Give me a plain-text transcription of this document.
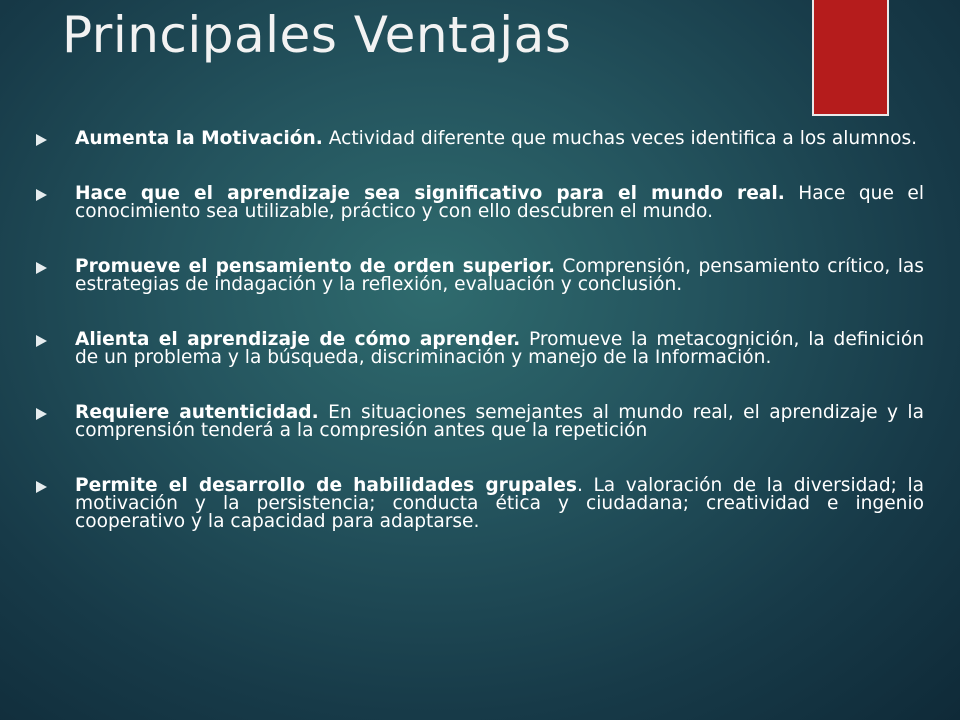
Principales Ventajas
Aumenta la Motivación. Actividad diferente que muchas veces identifica a los alumnos.
Hace que el aprendizaje sea significativo para el mundo real. Hace que el conocimiento sea utilizable, práctico y con ello descubren el mundo.
Promueve el pensamiento de orden superior. Comprensión, pensamiento crítico, las estrategias de indagación y la reflexión, evaluación y conclusión.
Alienta el aprendizaje de cómo aprender. Promueve la metacognición, la definición de un problema y la búsqueda, discriminación y manejo de la Información.
Requiere autenticidad. En situaciones semejantes al mundo real, el aprendizaje y la comprensión tenderá a la compresión antes que la repetición
Permite el desarrollo de habilidades grupales. La valoración de la diversidad; la motivación y la persistencia; conducta ética y ciudadana; creatividad e ingenio cooperativo y la capacidad para adaptarse.
